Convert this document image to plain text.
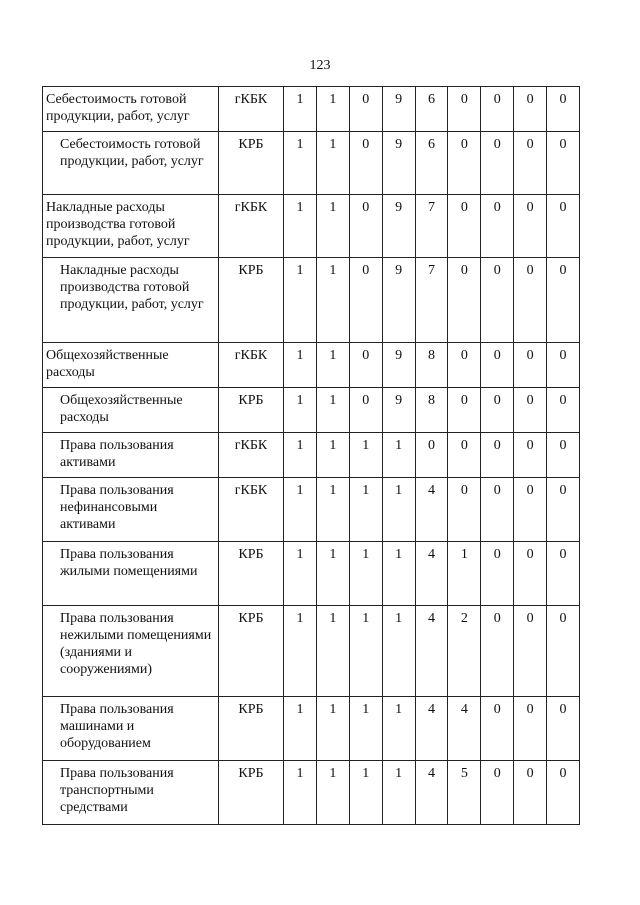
123
Себестоимость готовой продукции, работ, услуг	гКБК	1	1	0	9	6	0	0	0	0
Себестоимость готовой продукции, работ, услуг	КРБ	1	1	0	9	6	0	0	0	0
Накладные расходы производства готовой продукции, работ, услуг	гКБК	1	1	0	9	7	0	0	0	0
Накладные расходы производства готовой продукции, работ, услуг	КРБ	1	1	0	9	7	0	0	0	0
Общехозяйственные расходы	гКБК	1	1	0	9	8	0	0	0	0
Общехозяйственные расходы	КРБ	1	1	0	9	8	0	0	0	0
Права пользования активами	гКБК	1	1	1	1	0	0	0	0	0
Права пользования нефинансовыми активами	гКБК	1	1	1	1	4	0	0	0	0
Права пользования жилыми помещениями	КРБ	1	1	1	1	4	1	0	0	0
Права пользования нежилыми помещениями (зданиями и сооружениями)	КРБ	1	1	1	1	4	2	0	0	0
Права пользования машинами и оборудованием	КРБ	1	1	1	1	4	4	0	0	0
Права пользования транспортными средствами	КРБ	1	1	1	1	4	5	0	0	0
